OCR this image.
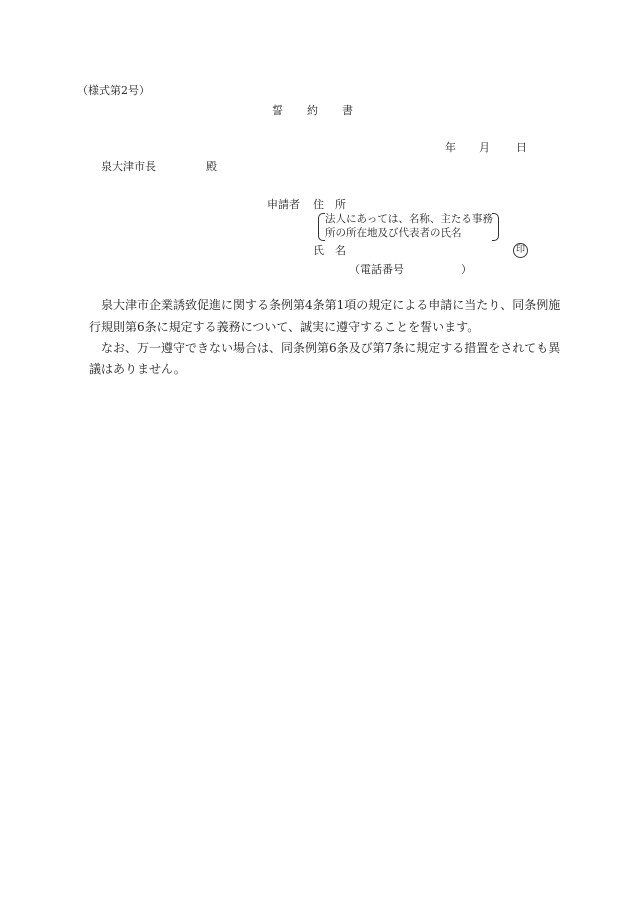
（様式第2号）
誓 約 書
年 月 日
泉大津市長	殿
申請者 住　所
法人にあっては、名称、主たる事務
所の所在地及び代表者の氏名
氏　名	印
（電話番号	）
泉大津市企業誘致促進に関する条例第4条第1項の規定による申請に当たり、同条例施
行規則第6条に規定する義務について、誠実に遵守することを誓います。
なお、万一遵守できない場合は、同条例第6条及び第7条に規定する措置をされても異
議はありません。
